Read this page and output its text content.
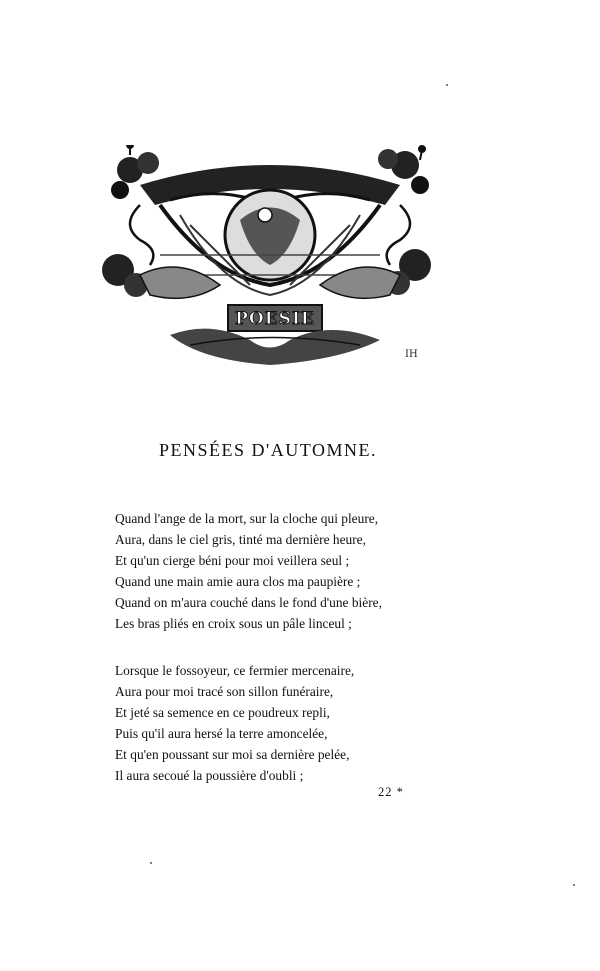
POESIE
IH
PENSÉES D'AUTOMNE.
Quand l'ange de la mort, sur la cloche qui pleure,
Aura, dans le ciel gris, tinté ma dernière heure,
Et qu'un cierge béni pour moi veillera seul ;
Quand une main amie aura clos ma paupière ;
Quand on m'aura couché dans le fond d'une bière,
Les bras pliés en croix sous un pâle linceul ;
Lorsque le fossoyeur, ce fermier mercenaire,
Aura pour moi tracé son sillon funéraire,
Et jeté sa semence en ce poudreux repli,
Puis qu'il aura hersé la terre amoncelée,
Et qu'en poussant sur moi sa dernière pelée,
Il aura secoué la poussière d'oubli ;
22 *
